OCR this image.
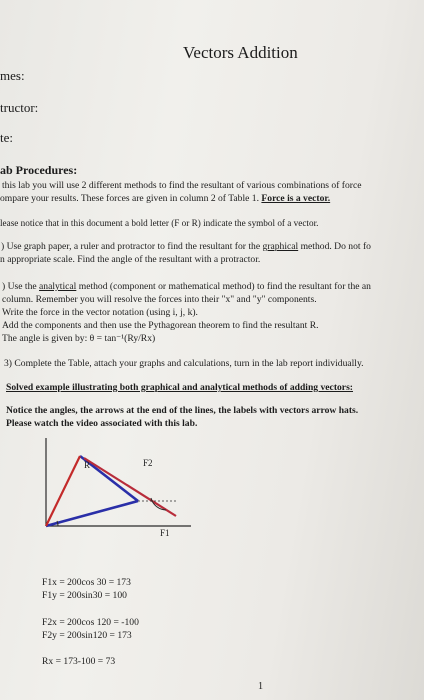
Vectors Addition
mes:
tructor:
te:
ab Procedures:
this lab you will use 2 different methods to find the resultant of various combinations of force
ompare your results. These forces are given in column 2 of Table 1. Force is a vector.
lease notice that in this document a bold letter (F or R) indicate the symbol of a vector.
) Use graph paper, a ruler and protractor to find the resultant for the graphical method. Do not fo
n appropriate scale. Find the angle of the resultant with a protractor.
) Use the analytical method (component or mathematical method) to find the resultant for the an
column. Remember you will resolve the forces into their "x" and "y" components.
Write the force in the vector notation (using i, j, k).
Add the components and then use the Pythagorean theorem to find the resultant R.
The angle is given by: θ = tan⁻¹(Ry/Rx)
3) Complete the Table, attach your graphs and calculations, turn in the lab report individually.
Solved example illustrating both graphical and analytical methods of adding vectors:
Notice the angles, the arrows at the end of the lines, the labels with vectors arrow hats.
Please watch the video associated with this lab.
R	F2
F1
F1x = 200cos 30 = 173
F1y = 200sin30 = 100
F2x = 200cos 120 = -100
F2y = 200sin120 = 173
Rx = 173-100 = 73
1
